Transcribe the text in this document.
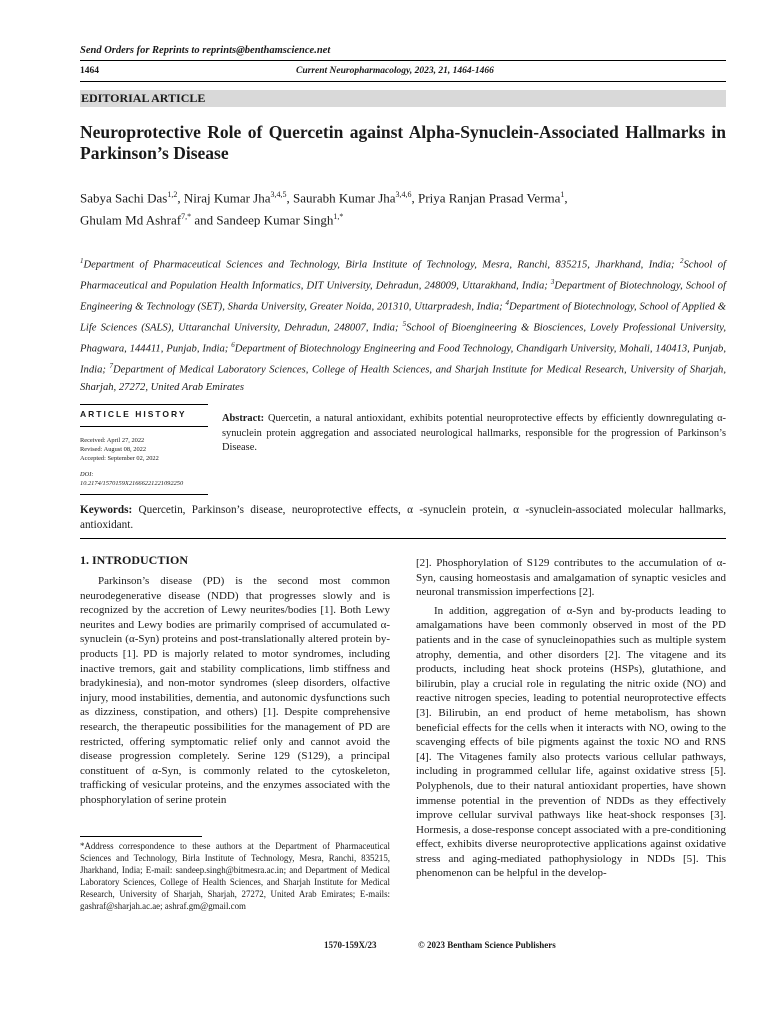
Send Orders for Reprints to reprints@benthamscience.net
1464	Current Neuropharmacology, 2023, 21, 1464-1466
EDITORIAL ARTICLE
Neuroprotective Role of Quercetin against Alpha-Synuclein-Associated Hallmarks in Parkinson’s Disease
Sabya Sachi Das$^{1,2}$, Niraj Kumar Jha$^{3,4,5}$, Saurabh Kumar Jha$^{3,4,6}$, Priya Ranjan Prasad Verma$^1$,
Ghulam Md Ashraf$^{7,*}$ and Sandeep Kumar Singh$^{1,*}$
$^1$Department of Pharmaceutical Sciences and Technology, Birla Institute of Technology, Mesra, Ranchi, 835215, Jharkhand, India; $^2$School of Pharmaceutical and Population Health Informatics, DIT University, Dehradun, 248009, Uttarakhand, India; $^3$Department of Biotechnology, School of Engineering & Technology (SET), Sharda University, Greater Noida, 201310, Uttarpradesh, India; $^4$Department of Biotechnology, School of Applied & Life Sciences (SALS), Uttaranchal University, Dehradun, 248007, India; $^5$School of Bioengineering & Biosciences, Lovely Professional University, Phagwara, 144411, Punjab, India; $^6$Department of Biotechnology Engineering and Food Technology, Chandigarh University, Mohali, 140413, Punjab, India; $^7$Department of Medical Laboratory Sciences, College of Health Sciences, and Sharjah Institute for Medical Research, University of Sharjah, Sharjah, 27272, United Arab Emirates
ARTICLE HISTORY
Received: April 27, 2022
Revised: August 08, 2022
Accepted: September 02, 2022
DOI:
10.2174/1570159X21666221221092250
Abstract: Quercetin, a natural antioxidant, exhibits potential neuroprotective effects by efficiently downregulating α-synuclein protein aggregation and associated neurological hallmarks, responsible for the progression of Parkinson’s Disease.
Keywords: Quercetin, Parkinson’s disease, neuroprotective effects, α -synuclein protein, α -synuclein-associated molecular hallmarks, antioxidant.
1. INTRODUCTION

Parkinson’s disease (PD) is the second most common neurodegenerative disease (NDD) that progresses slowly and is recognized by the accretion of Lewy neurites/bodies [1]. Both Lewy neurites and Lewy bodies are primarily comprised of accumulated α-synuclein (α-Syn) proteins and post-translationally altered protein by-products [1]. PD is majorly related to motor syndromes, including inactive tremors, gait and stability complications, limb stiffness and bradykinesia), and non-motor syndromes (sleep disorders, olfactive injury, mood instabilities, dementia, and autonomic dysfunctions such as dizziness, constipation, and others) [1]. Despite comprehensive research, the therapeutic possibilities for the management of PD are restricted, offering symptomatic relief only and cannot avoid the disease progression completely. Serine 129 (S129), a principal constituent of α-Syn, is commonly related to the cytoskeleton, trafficking of vesicular proteins, and the enzymes associated with the phosphorylation of serine protein

[2]. Phosphorylation of S129 contributes to the accumulation of α-Syn, causing homeostasis and amalgamation of synaptic vesicles and neuronal transmission imperfections [2].

In addition, aggregation of α-Syn and by-products leading to amalgamations have been commonly observed in most of the PD patients and in the case of synucleinopathies such as multiple system atrophy, dementia, and other disorders [2]. The vitagene and its products, including heat shock proteins (HSPs), glutathione, and bilirubin, play a crucial role in regulating the nitric oxide (NO) and reactive nitrogen species, leading to potential neuroprotective effects [3]. Bilirubin, an end product of heme metabolism, has shown beneficial effects for the cells when it interacts with NO, owing to the scavenging effects of bile pigments against the toxic NO and RNS [4]. The Vitagenes family also protects various cellular pathways, including in programmed cellular life, against oxidative stress [5]. Polyphenols, due to their natural antioxidant properties, have shown immense potential in the prevention of NDDs as they effectively improve cellular survival pathways like heat-shock responses [3]. Hormesis, a dose-response concept associated with a pre-conditioning effect, exhibits diverse neuroprotective applications against oxidative stress and aging-mediated pathophysiology in NDDs [5]. This phenomenon can be helpful in the develop-

*Address correspondence to these authors at the Department of Pharmaceutical Sciences and Technology, Birla Institute of Technology, Mesra, Ranchi, 835215, Jharkhand, India; E-mail: sandeep.singh@bitmesra.ac.in; and Department of Medical Laboratory Sciences, College of Health Sciences, and Sharjah Institute for Medical Research, University of Sharjah, Sharjah, 27272, United Arab Emirates; E-mails: gashraf@sharjah.ac.ae; ashraf.gm@gmail.com
1570-159X/23	© 2023 Bentham Science Publishers
